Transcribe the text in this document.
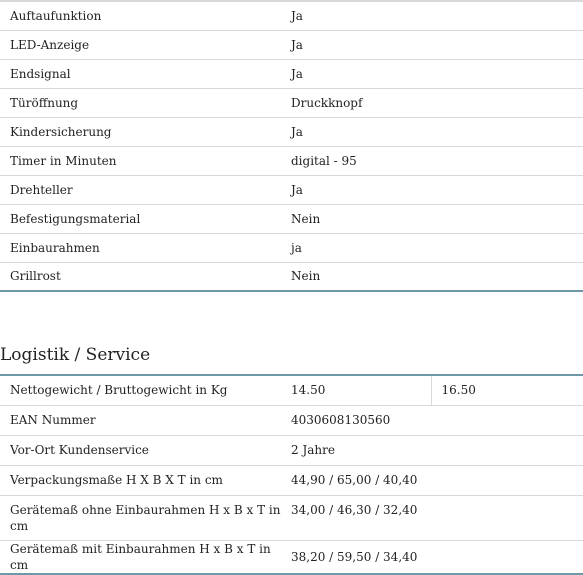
Auftaufunktion	Ja
LED-Anzeige	Ja
Endsignal	Ja
Türöffnung	Druckknopf
Kindersicherung	Ja
Timer in Minuten	digital - 95
Drehteller	Ja
Befestigungsmaterial	Nein
Einbaurahmen	ja
Grillrost	Nein
Logistik / Service
Nettogewicht / Bruttogewicht in Kg	14.50	16.50
EAN Nummer	4030608130560	
Vor-Ort Kundenservice	2 Jahre	
Verpackungsmaße H X B X T in cm	44,90 / 65,00 / 40,40	
Gerätemaß ohne Einbaurahmen H x B x T in cm	34,00 / 46,30 / 32,40	
Gerätemaß mit Einbaurahmen H x B x T in cm	38,20 / 59,50 / 34,40	
